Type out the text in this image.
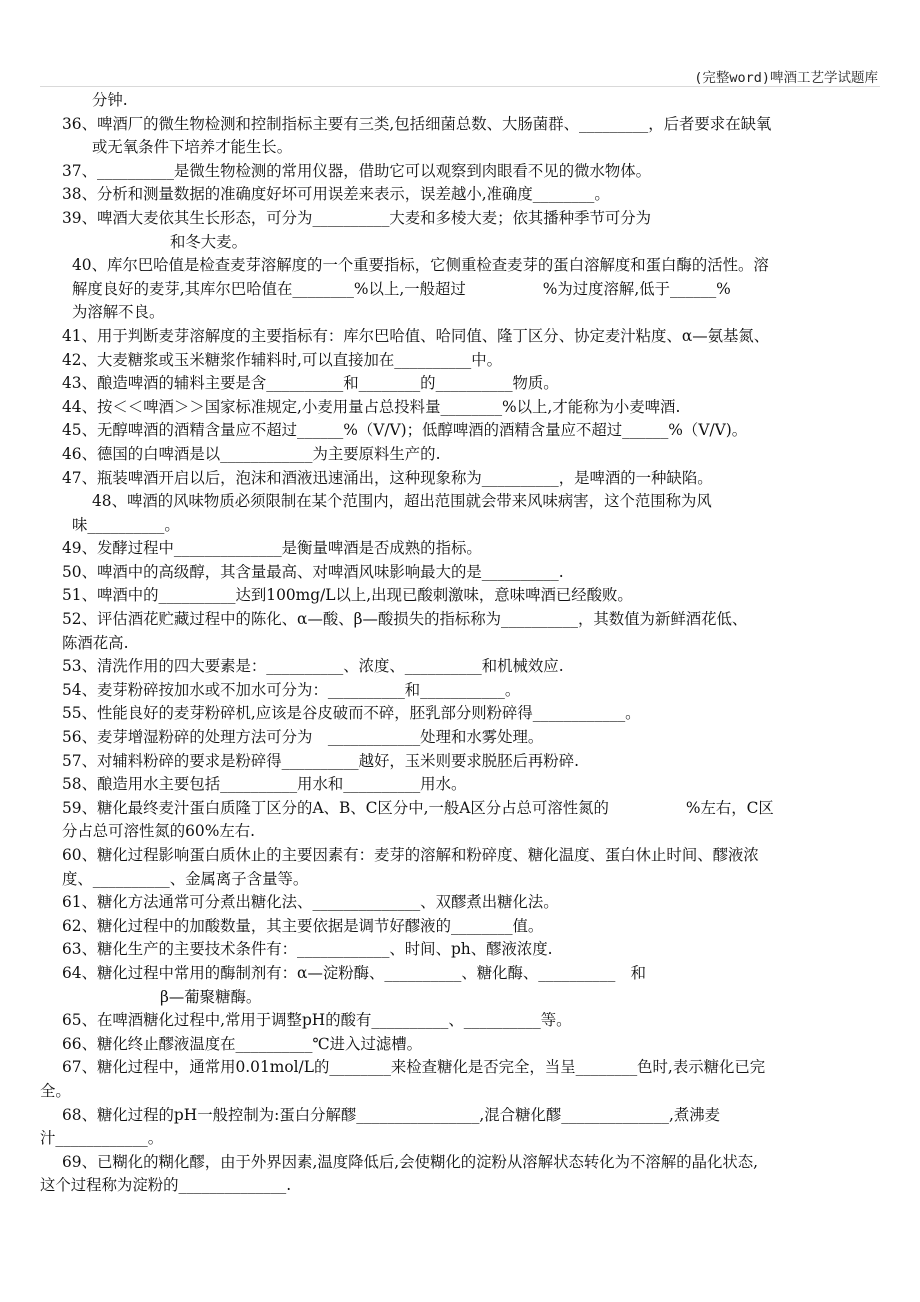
(完整word)啤酒工艺学试题库
分钟.
36、啤酒厂的微生物检测和控制指标主要有三类,包括细菌总数、大肠菌群、_________，后者要求在缺氧
或无氧条件下培养才能生长。
37、__________是微生物检测的常用仪器，借助它可以观察到肉眼看不见的微水物体。
38、分析和测量数据的准确度好坏可用误差来表示，误差越小,准确度________。
39、啤酒大麦依其生长形态，可分为__________大麦和多棱大麦；依其播种季节可分为
和冬大麦。
40、库尔巴哈值是检查麦芽溶解度的一个重要指标，它侧重检查麦芽的蛋白溶解度和蛋白酶的活性。溶
解度良好的麦芽,其库尔巴哈值在________%以上,一般超过　　　　　%为过度溶解,低于______%
为溶解不良。
41、用于判断麦芽溶解度的主要指标有：库尔巴哈值、哈同值、隆丁区分、协定麦汁粘度、α—氨基氮、
42、大麦糖浆或玉米糖浆作辅料时,可以直接加在__________中。
43、酿造啤酒的辅料主要是含__________和________的__________物质。
44、按＜＜啤酒＞＞国家标准规定,小麦用量占总投料量________%以上,才能称为小麦啤酒.
45、无醇啤酒的酒精含量应不超过______%（V/V)；低醇啤酒的酒精含量应不超过______%（V/V)。
46、德国的白啤酒是以____________为主要原料生产的.
47、瓶装啤酒开启以后，泡沫和酒液迅速涌出，这种现象称为__________，是啤酒的一种缺陷。
48、啤酒的风味物质必须限制在某个范围内，超出范围就会带来风味病害，这个范围称为风
味__________。
49、发酵过程中______________是衡量啤酒是否成熟的指标。
50、啤酒中的高级醇，其含量最高、对啤酒风味影响最大的是__________.
51、啤酒中的__________达到100mg/L以上,出现已酸刺激味，意味啤酒已经酸败。
52、评估酒花贮藏过程中的陈化、α—酸、β—酸损失的指标称为__________，其数值为新鲜酒花低、
陈酒花高.
53、清洗作用的四大要素是：__________、浓度、__________和机械效应.
54、麦芽粉碎按加水或不加水可分为：__________和___________。
55、性能良好的麦芽粉碎机,应该是谷皮破而不碎，胚乳部分则粉碎得____________。
56、麦芽增湿粉碎的处理方法可分为　____________处理和水雾处理。
57、对辅料粉碎的要求是粉碎得__________越好，玉米则要求脱胚后再粉碎.
58、酿造用水主要包括__________用水和__________用水。
59、糖化最终麦汁蛋白质隆丁区分的A、B、C区分中,一般A区分占总可溶性氮的　　　　　%左右，C区
分占总可溶性氮的60%左右.
60、糖化过程影响蛋白质休止的主要因素有：麦芽的溶解和粉碎度、糖化温度、蛋白休止时间、醪液浓
度、__________、金属离子含量等。
61、糖化方法通常可分煮出糖化法、______________、双醪煮出糖化法。
62、糖化过程中的加酸数量，其主要依据是调节好醪液的________值。
63、糖化生产的主要技术条件有：____________、时间、ph、醪液浓度.
64、糖化过程中常用的酶制剂有：α—淀粉酶、__________、糖化酶、__________　和
β—葡聚糖酶。
65、在啤酒糖化过程中,常用于调整pH的酸有__________、__________等。
66、糖化终止醪液温度在__________℃进入过滤槽。
67、糖化过程中，通常用0.01mol/L的________来检查糖化是否完全，当呈________色时,表示糖化已完
全。
68、糖化过程的pH一般控制为:蛋白分解醪________________,混合糖化醪______________,煮沸麦
汁____________。
69、已糊化的糊化醪，由于外界因素,温度降低后,会使糊化的淀粉从溶解状态转化为不溶解的晶化状态,
这个过程称为淀粉的______________.
